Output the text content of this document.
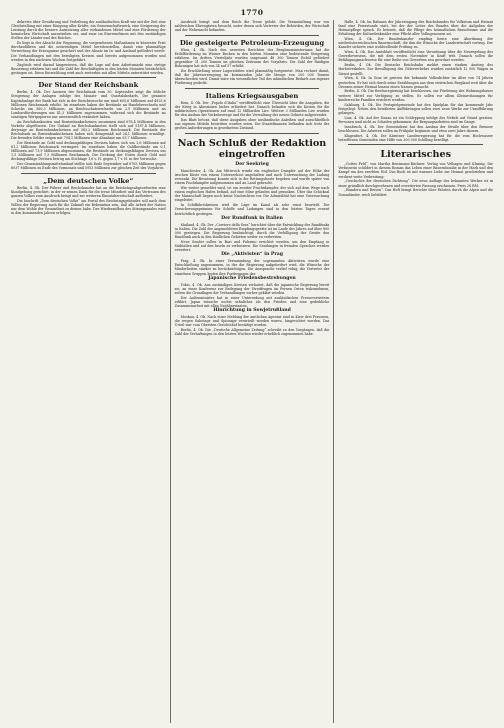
1770

dekretes über Gewährung und Verleihung der ausländischen Kraft wie mit der Zeit eine Gleichstellung mit einer Einigung aller Kräfte, ein Gemeinschaftswerk, eine Steigerung der Leistung durch die bessere Ausnutzung aller vorhandenen Mittel und eine Förderung der heimischen Wirtschaft anzustreben sei, und zwar im Einvernehmen mit den zuständigen Stellen der Länder und des Reiches.

Es liegt in der Absicht der Regierung, die vorgesehenen Maßnahmen in kürzester Frist durchzuführen und die notwendigen Mittel bereitzustellen, damit eine planmäßige Verwertung der Erzeugnisse gesichert und der Absatz im In- und Ausland gefördert werde. Die Verhandlungen mit den beteiligten Kreisen sind bereits aufgenommen worden und werden in den nächsten Wochen fortgeführt.

Zugleich wird darauf hingewiesen, daß die Lage auf dem Arbeitsmarkt eine stetige Besserung erfahren hat und die Zahl der Beschäftigten in den letzten Monaten beträchtlich gestiegen ist. Diese Entwicklung wird auch weiterhin mit allen Mitteln unterstützt werden.

Der Stand der Reichsbank

Berlin, 4. Ok. Der Ausweis der Reichsbank vom 30. September zeigt die übliche Steigerung der Anlagen infolge des Monats- und Quartalsbedarfs. Die gesamte Kapitalanlage der Bank hat sich in der Berichtswoche um rund 605,6 Millionen auf 4925,6 Millionen Reichsmark erhöht. Im einzelnen haben die Bestände an Handelswechseln und Schecks um 560,3 Millionen, an Reichsschatzwechseln um 2,9 Millionen und an Lombardforderungen um 41,3 Millionen zugenommen, während sich die Bestände an sonstigen Wertpapieren nur unwesentlich verändert haben.

An Reichsbanknoten und Rentenbankscheinen zusammen sind 678,4 Millionen in den Verkehr abgeflossen. Der Umlauf an Reichsbanknoten stellt sich auf 5187,4 Millionen, derjenige an Rentenbankscheinen auf 383,2 Millionen Reichsmark. Die Bestände der Reichsbank an Rentenbankscheinen haben sich demgemäß auf 24,1 Millionen ermäßigt. Die fremden Gelder zeigen mit 704,1 Millionen eine Abnahme um 93,7 Millionen.

Die Bestände an Gold und deckungsfähigen Devisen haben sich um 1,6 Millionen auf 81,2 Millionen Reichsmark verringert. Im einzelnen haben die Goldbestände um 0,1 Millionen auf 73,9 Millionen abgenommen, die Bestände an deckungsfähigen Devisen um 1,5 Millionen auf 7,3 Millionen Reichsmark. Die Deckung der Noten durch Gold und deckungsfähige Devisen betrug am Stichtage 1,6 v. H. gegen 1,7 v. H. in der Vorwoche.

Der Gesamtzahlungsmittelumlauf stellte sich Ende September auf 6705 Millionen gegen 6037 Millionen zu Ende des Vormonats und 5953 Millionen zur gleichen Zeit des Vorjahres.

„Dem deutschen Volke“

Berlin, 4. Ok. Der Führer und Reichskanzler hat an die Reichstagsabgeordneten eine Kundgebung gerichtet, in der er seinen Dank für die treue Mitarbeit und das Vertrauen des ganzen Volkes zum Ausdruck bringt und zur weiteren Einsatzbereitschaft auffordert.

Die Inschrift „Dem deutschen Volke“ am Portal des Reichstagsgebäudes soll nach dem Willen der Regierung auch für die Zukunft ein Bekenntnis sein, daß alle Arbeit der Nation nur dem Wohle der Gesamtheit zu dienen habe. Der Wiederaufbau des Sitzungssaales wird in den kommenden Jahren erfolgen.

Ausdruck bringt und dem Reich die Treue gelobt. Die Veranstaltung war von zahlreichen Ehrengästen besucht, unter denen sich Vertreter der Behörden, der Wirtschaft und der Wehrmacht befanden.

Die gesteigerte Petroleum-Erzeugung

Wien, 4. Ok. Nach den neuesten Berichten des Bergbauministeriums hat die Erdölförderung im Wiener Becken in den letzten Monaten eine bedeutende Steigerung erfahren. Im dritten Vierteljahr wurden insgesamt 48 300 Tonnen Rohöl gefördert gegenüber 31 200 Tonnen im gleichen Zeitraum des Vorjahres. Die Zahl der fündigen Bohrungen hat sich von 34 auf 57 erhöht.

Die Erschließung neuer Lagerstätten wird planmäßig fortgesetzt. Man rechnet damit, daß die Jahreserzeugung im kommenden Jahr die Menge von 200 000 Tonnen überschreiten wird. Damit wäre ein wesentlicher Teil des inländischen Bedarfs aus eigener Förderung gedeckt.

Italiens Kriegsausgaben

Rom, 4. Ok. Der „Popolo d'Italia“ veröffentlicht eine Übersicht über die Ausgaben, die der Krieg in Abessinien bisher erfordert hat. Danach belaufen sich die Kosten für die militärischen Operationen auf rund 12 Milliarden Lire. Weitere 3 Milliarden Lire wurden für den Ausbau der Verkehrswege und für die Verwaltung der neuen Gebiete aufgewendet.

Das Blatt betont, daß diese Ausgaben ohne ausländische Anleihen und ausschließlich aus eigenen Mitteln bestritten worden seien. Die Staatsfinanzen befänden sich trotz der großen Anforderungen in geordnetem Zustand.

Nach Schluß der Redaktion eingetroffen
Der Seekrieg

Manchester, 4. Ok. Am Mittwoch wurde ein englischer Dampfer auf der Höhe der irischen Küste von einem Unterseeboot angehalten und nach Untersuchung der Ladung versenkt. Die Besatzung konnte sich in die Rettungsboote begeben und wurde später von einem Fischdampfer aufgenommen und an Land gebracht.

Wie weiter gemeldet wird, ist ein zweiter Frachtdampfer, der sich auf dem Wege nach einem englischen Hafen befand, auf eine Mine gelaufen und gesunken. Über das Schicksal der Mannschaft liegen noch keine Nachrichten vor. Die Admiralität hat eine Untersuchung eingeleitet.

In Schiffahrtskreisen wird die Lage im Kanal als sehr ernst beurteilt. Die Versicherungsprämien für Schiffe und Ladungen sind in den letzten Tagen erneut beträchtlich gestiegen.

Der Rundfunk in Italien

Mailand, 4. Ok. Der „Corriere della Sera“ berichtet über die Entwicklung des Rundfunks in Italien. Die Zahl der angemeldeten Empfangsgeräte ist im Laufe des Jahres auf über 800 000 gestiegen. Die Regierung beabsichtigt, durch die Verbilligung der Geräte den Rundfunk auch in den ländlichen Gebieten weiter zu verbreiten.

Neue Sender sollen in Bari und Palermo errichtet werden, um den Empfang in Süditalien und auf den Inseln zu verbessern. Die Sendungen in fremden Sprachen werden erweitert.

Die „Aktivisten“ in Prag

Prag, 4. Ok. In einer Versammlung der sogenannten Aktivisten wurde eine Entschließung angenommen, in der die Regierung aufgefordert wird, die Wünsche der Minderheiten stärker zu berücksichtigen. Die Aussprache verlief ruhig; die Vertreter der einzelnen Gruppen legten ihre Forderungen dar.

Japanische Friedensbestrebungen

Tokio, 4. Ok. Aus zuständigen Kreisen verlautet, daß die japanische Regierung bereit sei, an einer Konferenz zur Beilegung der Streitfragen im Fernen Osten teilzunehmen, sofern die Grundlagen der Verhandlungen vorher geklärt würden.

Der Außenminister hat in einer Unterredung mit ausländischen Pressevertretern erklärt, Japan wünsche nichts sehnlicher als den Frieden und eine gedeihliche Zusammenarbeit mit allen Nachbarstaaten.

Hinrichtung in Sowjetrußland

Moskau, 4. Ok. Nach einer Meldung der amtlichen Agentur sind in Kiew drei Personen, die wegen Sabotage und Spionage verurteilt worden waren, hingerichtet worden. Das Urteil war vom Obersten Gerichtshof bestätigt worden.

Berlin, 4. Ok. Die „Deutsche Allgemeine Zeitung“ schreibt zu den Vorgängen, daß die Zahl der Verhaftungen in den letzten Wochen wieder erheblich zugenommen habe.

Halle, 4. Ok. Im Rahmen der Jahrestagung des Reichsbundes für Volkstum und Heimat fand eine Feierstunde statt, bei der der Leiter des Bundes über die Aufgaben der Heimatpflege sprach. Er betonte, daß die Pflege des heimatlichen Brauchtums und die Erhaltung der Kulturdenkmäler eine Pflicht aller Volksgenossen sei.

Wien, 4. Ok. Der Bundeskanzler empfing heute eine Abordnung der niederösterreichischen Bauernschaft, die ihm die Wünsche der Landwirtschaft vortrug. Der Kanzler sicherte eine wohlwollende Prüfung zu.

Wien, 4. Ok. Das Amtsblatt veröffentlicht eine Verordnung über die Neuregelung des Gewerbewesens, die mit dem ersten November in Kraft tritt. Danach sollen die Befähigungsnachweise für eine Reihe von Gewerben neu geordnet werden.

Berlin, 4. Ok. Die Deutsche Reichsbahn meldet einen starken Anstieg des Herbstverkehrs. Zur Bewältigung des Güterverkehrs wurden zusätzlich 12 000 Wagen in Dienst gestellt.

Wien, 4. Ok. In Graz ist gestern der bekannte Volksdichter im Alter von 74 Jahren gestorben. Er hat sich durch seine Erzählungen aus dem steirischen Bergland weit über die Grenzen seiner Heimat hinaus einen Namen gemacht.

Berlin, 4. Ok. Die Reichsregierung hat beschlossen, zur Förderung des Wohnungsbaues weitere Mittel zur Verfügung zu stellen. Es sollen vor allem Kleinwohnungen für kinderreiche Familien errichtet werden.

Salzburg, 4. Ok. Die Festspielgemeinde hat den Spielplan für das kommende Jahr festgelegt. Neben den bewährten Aufführungen sollen zwei neue Werke zur Uraufführung gelangen.

Linz, 4. Ok. Auf der Donau ist ein Schleppzug infolge des Nebels auf Grund geraten. Personen sind nicht zu Schaden gekommen; die Bergungsarbeiten sind im Gange.

Innsbruck, 4. Ok. Der Gemeinderat hat den Ausbau der Straße über den Brenner beschlossen. Die Arbeiten sollen im Frühjahr beginnen und etwa zwei Jahre dauern.

Klagenfurt, 4. Ok. Die Kärntner Landesregierung hat für die vom Hochwasser betroffenen Gemeinden eine Hilfe von 300 000 Schilling bewilligt.

Literarisches

„Gottes Feld“, von Martha Benzmann-Büchner. Verlag von Velhagen und Klasing. Die Verfasserin schildert in diesem Roman das Leben einer Bauernfamilie in der Mark und den Kampf um den ererbten Hof. Das Buch ist mit warmer Liebe zur Heimat geschrieben und verdient weite Verbreitung.

„Geschichte der deutschen Dichtung“. Die neue Auflage des bekannten Werkes ist in einer gründlich durchgesehenen und erweiterten Fassung erschienen. Preis 28 RM.

„Wandern und Reisen“. Das Heft bringt Berichte über Fahrten durch die Alpen und die Donauländer, reich bebildert.
